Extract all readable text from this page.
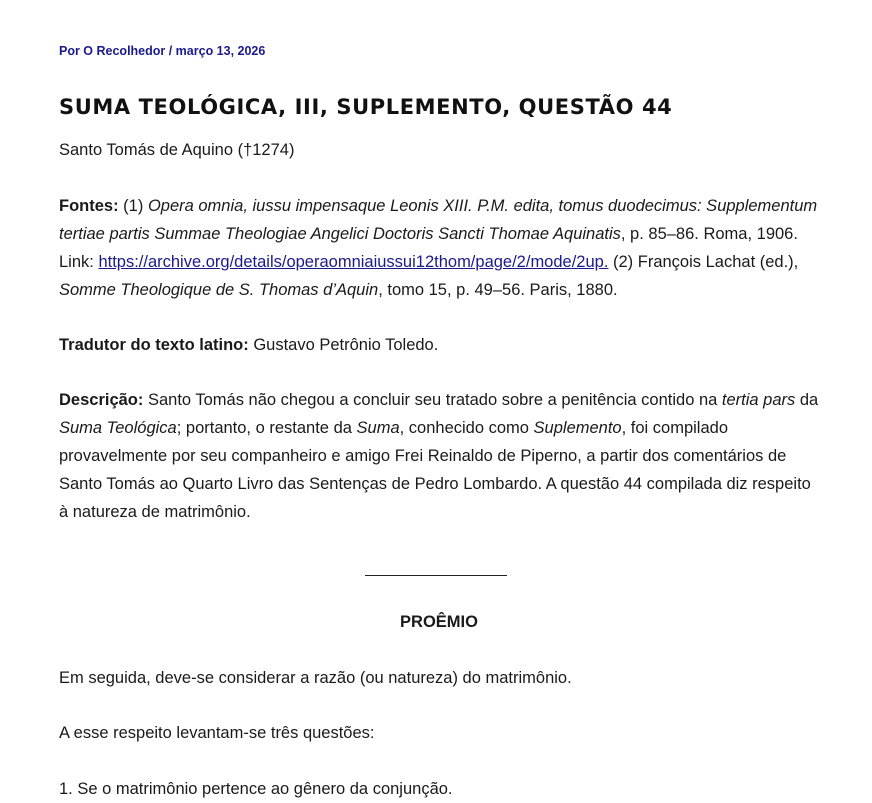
Por O Recolhedor / março 13, 2026
SUMA TEOLÓGICA, III, SUPLEMENTO, QUESTÃO 44

Santo Tomás de Aquino (†1274)

Fontes: (1) Opera omnia, iussu impensaque Leonis XIII. P.M. edita, tomus duodecimus: Supplementum tertiae partis Summae Theologiae Angelici Doctoris Sancti Thomae Aquinatis, p. 85–86. Roma, 1906. Link: https://archive.org/details/operaomniaiussui12thom/page/2/mode/2up. (2) François Lachat (ed.), Somme Theologique de S. Thomas d’Aquin, tomo 15, p. 49–56. Paris, 1880.

Tradutor do texto latino: Gustavo Petrônio Toledo.

Descrição: Santo Tomás não chegou a concluir seu tratado sobre a penitência contido na tertia pars da Suma Teológica; portanto, o restante da Suma, conhecido como Suplemento, foi compilado provavelmente por seu companheiro e amigo Frei Reinaldo de Piperno, a partir dos comentários de Santo Tomás ao Quarto Livro das Sentenças de Pedro Lombardo. A questão 44 compilada diz respeito à natureza de matrimônio.

PROÊMIO

Em seguida, deve-se considerar a razão (ou natureza) do matrimônio.

A esse respeito levantam-se três questões:

1. Se o matrimônio pertence ao gênero da conjunção.
